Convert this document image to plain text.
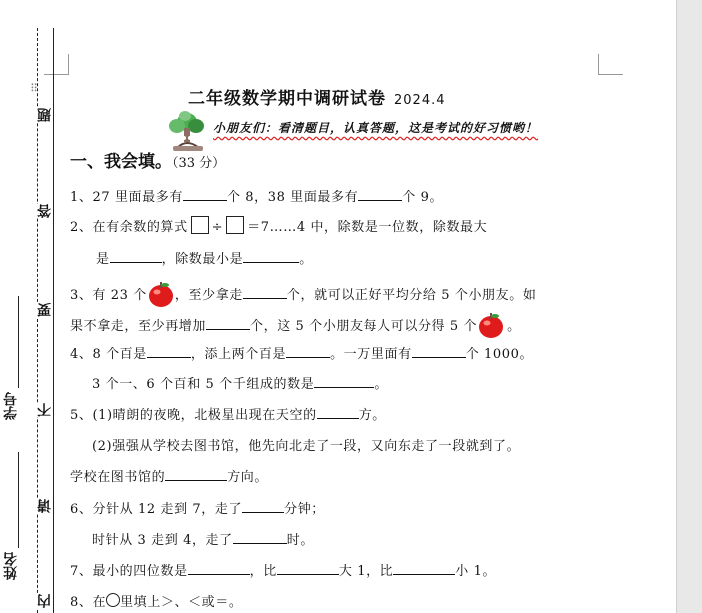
⠿
题
答
要
不
请
内
学号
姓名
二年级数学期中调研试卷 2024.4
小朋友们：看清题目，认真答题，这是考试的好习惯哟！
一、我会填。（33 分）
1、27 里面最多有	个 8，38 里面最多有	个 9。
2、在有余数的算式 ÷ ＝7……4 中，除数是一位数，除数最大
是	，除数最小是	。
3、有 23 个 ，至少拿走	个，就可以正好平均分给 5 个小朋友。如
果不拿走，至少再增加	个，这 5 个小朋友每人可以分得 5 个 。
4、8 个百是	，添上两个百是	。一万里面有	个 1000。
3 个一、6 个百和 5 个千组成的数是	。
5、(1)晴朗的夜晚，北极星出现在天空的	方。
(2)强强从学校去图书馆，他先向北走了一段，又向东走了一段就到了。
学校在图书馆的	方向。
6、分针从 12 走到 7，走了	分钟；
时针从 3 走到 4，走了	时。
7、最小的四位数是	，比	大 1，比	小 1。
8、在 里填上＞、＜或＝。
